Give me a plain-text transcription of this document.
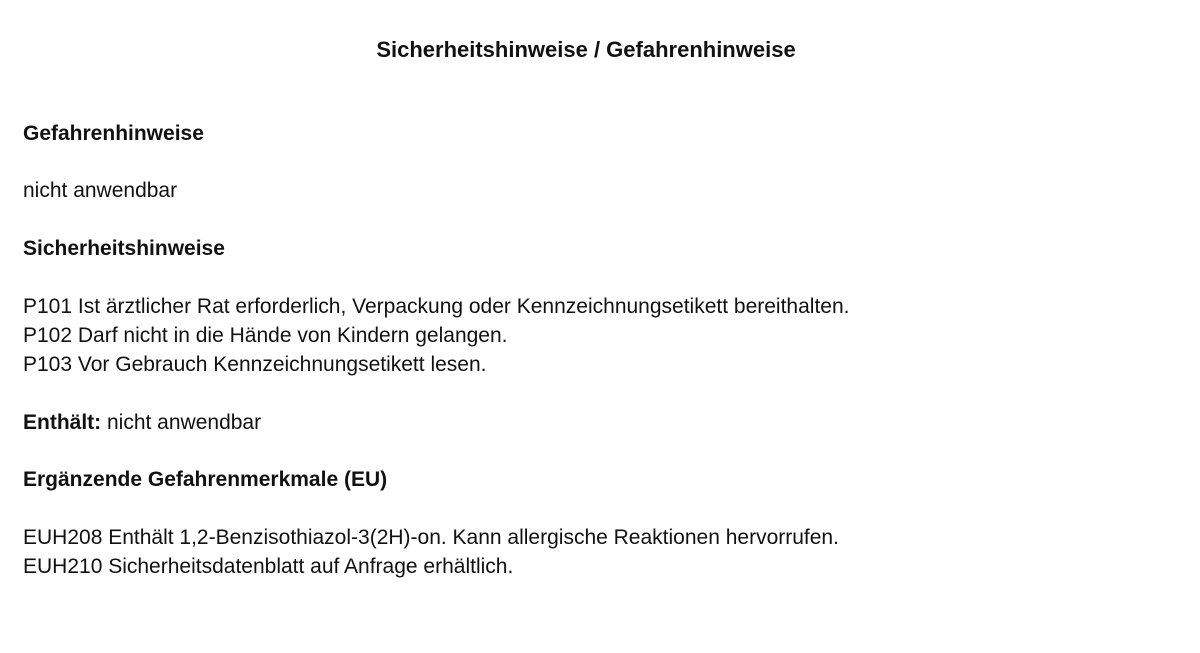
Sicherheitshinweise / Gefahrenhinweise
Gefahrenhinweise
nicht anwendbar
Sicherheitshinweise
P101 Ist ärztlicher Rat erforderlich, Verpackung oder Kennzeichnungsetikett bereithalten.
P102 Darf nicht in die Hände von Kindern gelangen.
P103 Vor Gebrauch Kennzeichnungsetikett lesen.
Enthält: nicht anwendbar
Ergänzende Gefahrenmerkmale (EU)
EUH208 Enthält 1,2-Benzisothiazol-3(2H)-on. Kann allergische Reaktionen hervorrufen.
EUH210 Sicherheitsdatenblatt auf Anfrage erhältlich.
